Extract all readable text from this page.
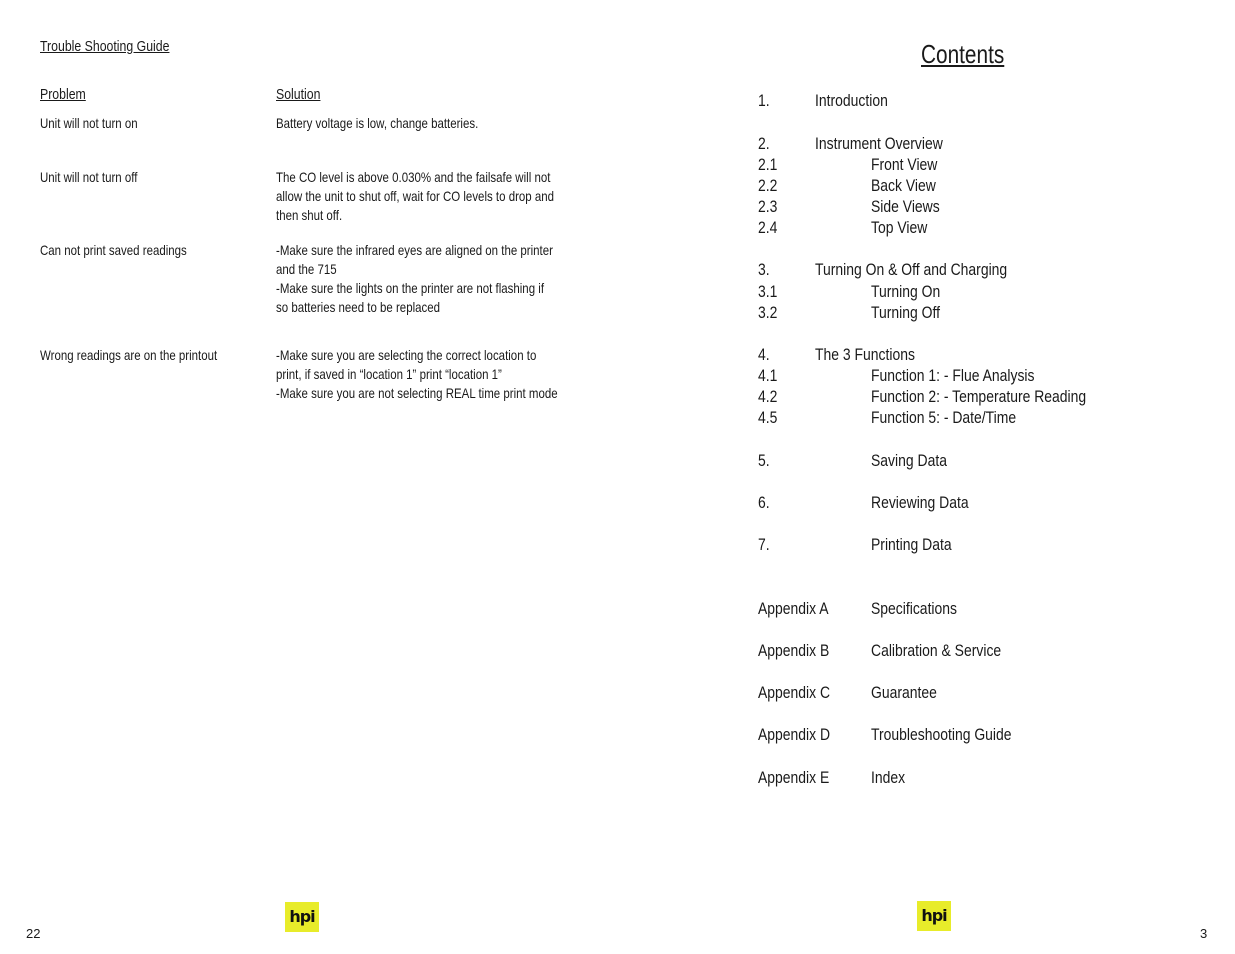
Trouble Shooting Guide
Problem	Solution
Unit will not turn on	Battery voltage is low, change batteries.
Unit will not turn off	The CO level is above 0.030% and the failsafe will not
allow the unit to shut off, wait for CO levels to drop and
then shut off.
Can not print saved readings	-Make sure the infrared eyes are aligned on the printer
and the 715
-Make sure the lights on the printer are not flashing if
so batteries need to be replaced
Wrong readings are on the printout	-Make sure you are selecting the correct location to
print, if saved in “location 1” print “location 1”
-Make sure you are not selecting REAL time print mode
22
hpi
Contents
1.	Introduction
2.	Instrument Overview
2.1	Front View
2.2	Back View
2.3	Side Views
2.4	Top View
3.	Turning On & Off and Charging
3.1	Turning On
3.2	Turning Off
4.	The 3 Functions
4.1	Function 1: - Flue Analysis
4.2	Function 2: - Temperature Reading
4.5	Function 5: - Date/Time
5.	Saving Data
6.	Reviewing Data
7.	Printing Data
Appendix A Specifications
Appendix B Calibration & Service
Appendix C Guarantee
Appendix D Troubleshooting Guide
Appendix E Index
hpi
3
